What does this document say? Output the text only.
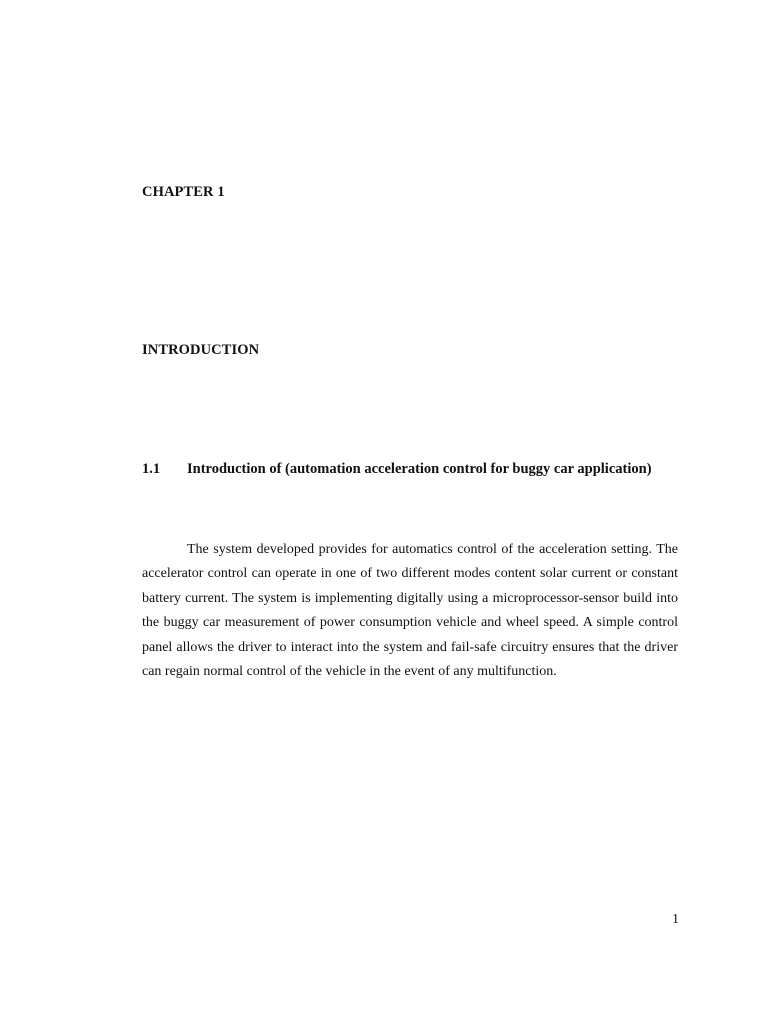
CHAPTER 1
INTRODUCTION
1.1 Introduction of (automation acceleration control for buggy car application)

The system developed provides for automatics control of the acceleration setting. The accelerator control can operate in one of two different modes content solar current or constant battery current. The system is implementing digitally using a microprocessor-sensor build into the buggy car measurement of power consumption vehicle and wheel speed. A simple control panel allows the driver to interact into the system and fail-safe circuitry ensures that the driver can regain normal control of the vehicle in the event of any multifunction.

1
